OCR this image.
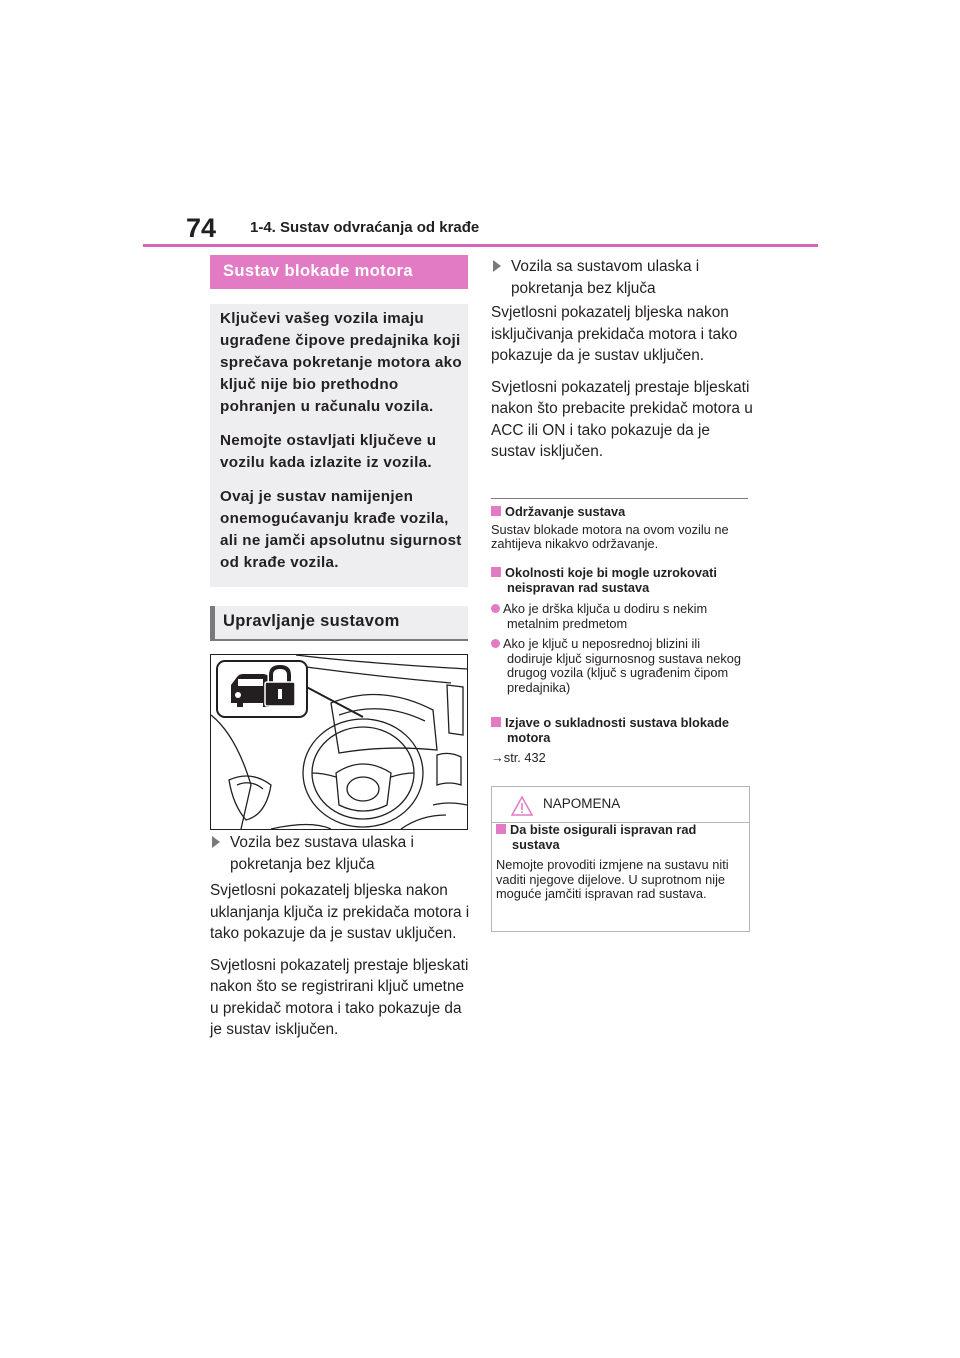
74 1-4. Sustav odvraćanja od krađe
Sustav blokade motora

Ključevi vašeg vozila imaju ugrađene čipove predajnika koji sprečava pokretanje motora ako ključ nije bio prethodno pohranjen u računalu vozila.

Nemojte ostavljati ključeve u vozilu kada izlazite iz vozila.

Ovaj je sustav namijenjen onemogućavanju krađe vozila, ali ne jamči apsolutnu sigurnost od krađe vozila.

Upravljanje sustavom
Vozila bez sustava ulaska i pokretanja bez ključa

Svjetlosni pokazatelj bljeska nakon uklanjanja ključa iz prekidača motora i tako pokazuje da je sustav uključen.

Svjetlosni pokazatelj prestaje bljeskati nakon što se registrirani ključ umetne u prekidač motora i tako pokazuje da je sustav isključen.

Vozila sa sustavom ulaska i pokretanja bez ključa

Svjetlosni pokazatelj bljeska nakon isključivanja prekidača motora i tako pokazuje da je sustav uključen.

Svjetlosni pokazatelj prestaje bljeskati nakon što prebacite prekidač motora u ACC ili ON i tako pokazuje da je sustav isključen.

Održavanje sustava
Sustav blokade motora na ovom vozilu ne zahtijeva nikakvo održavanje.
Okolnosti koje bi mogle uzrokovati neispravan rad sustava
Ako je drška ključa u dodiru s nekim metalnim predmetom
Ako je ključ u neposrednoj blizini ili dodiruje ključ sigurnosnog sustava nekog drugog vozila (ključ s ugrađenim čipom predajnika)
Izjave o sukladnosti sustava blokade motora
→str. 432
NAPOMENA
Da biste osigurali ispravan rad sustava
Nemojte provoditi izmjene na sustavu niti vaditi njegove dijelove. U suprotnom nije moguće jamčiti ispravan rad sustava.
